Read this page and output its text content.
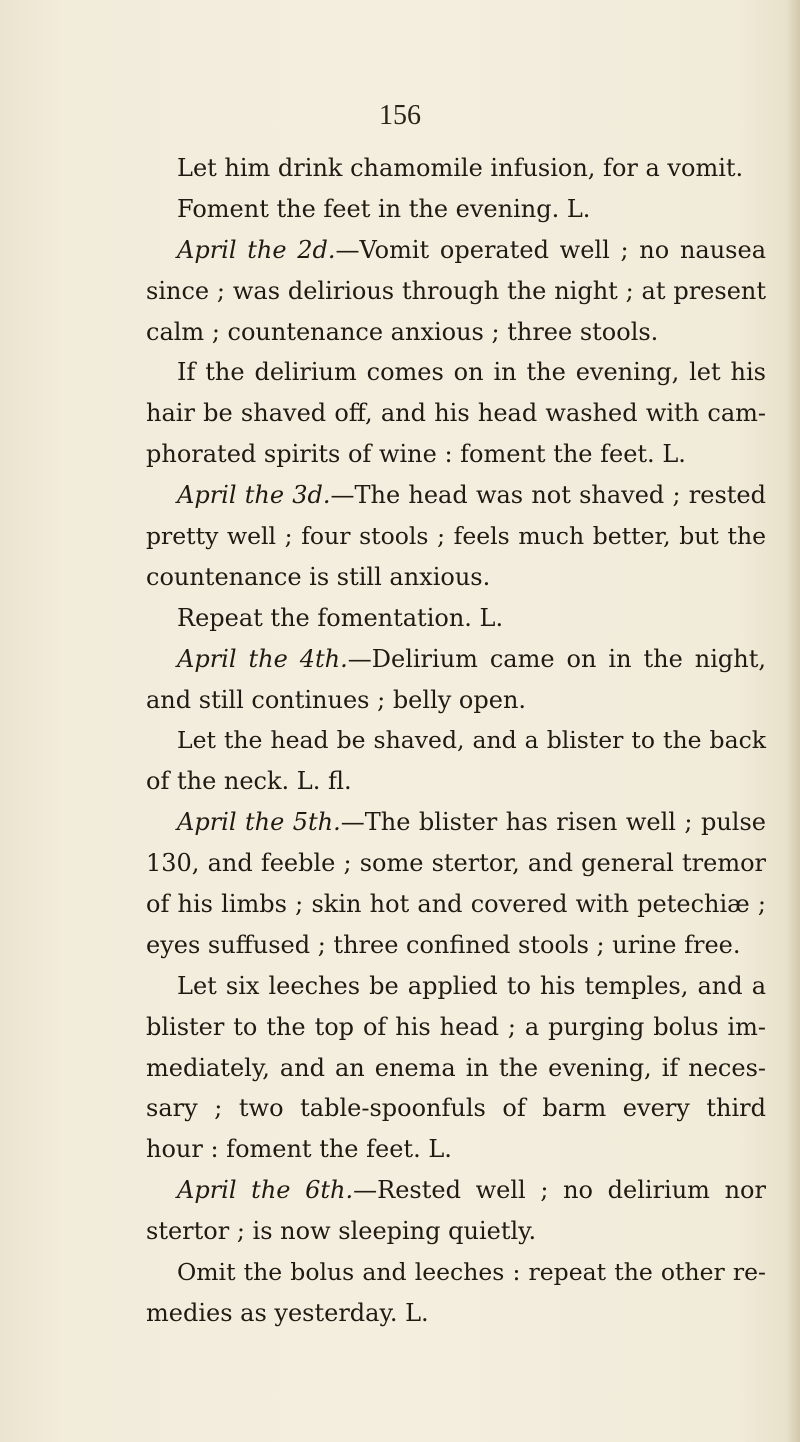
156
Let him drink chamomile infusion, for a vomit.
Foment the feet in the evening. L.
April the 2d.—Vomit operated well ; no nausea
since ; was delirious through the night ; at present
calm ; countenance anxious ; three stools.
If the delirium comes on in the evening, let his
hair be shaved off, and his head washed with cam-
phorated spirits of wine : foment the feet. L.
April the 3d.—The head was not shaved ; rested
pretty well ; four stools ; feels much better, but the
countenance is still anxious.
Repeat the fomentation. L.
April the 4th.—Delirium came on in the night,
and still continues ; belly open.
Let the head be shaved, and a blister to the back
of the neck. L. fl.
April the 5th.—The blister has risen well ; pulse
130, and feeble ; some stertor, and general tremor
of his limbs ; skin hot and covered with petechiæ ;
eyes suffused ; three confined stools ; urine free.
Let six leeches be applied to his temples, and a
blister to the top of his head ; a purging bolus im-
mediately, and an enema in the evening, if neces-
sary ; two table-spoonfuls of barm every third
hour : foment the feet. L.
April the 6th.—Rested well ; no delirium nor
stertor ; is now sleeping quietly.
Omit the bolus and leeches : repeat the other re-
medies as yesterday. L.
